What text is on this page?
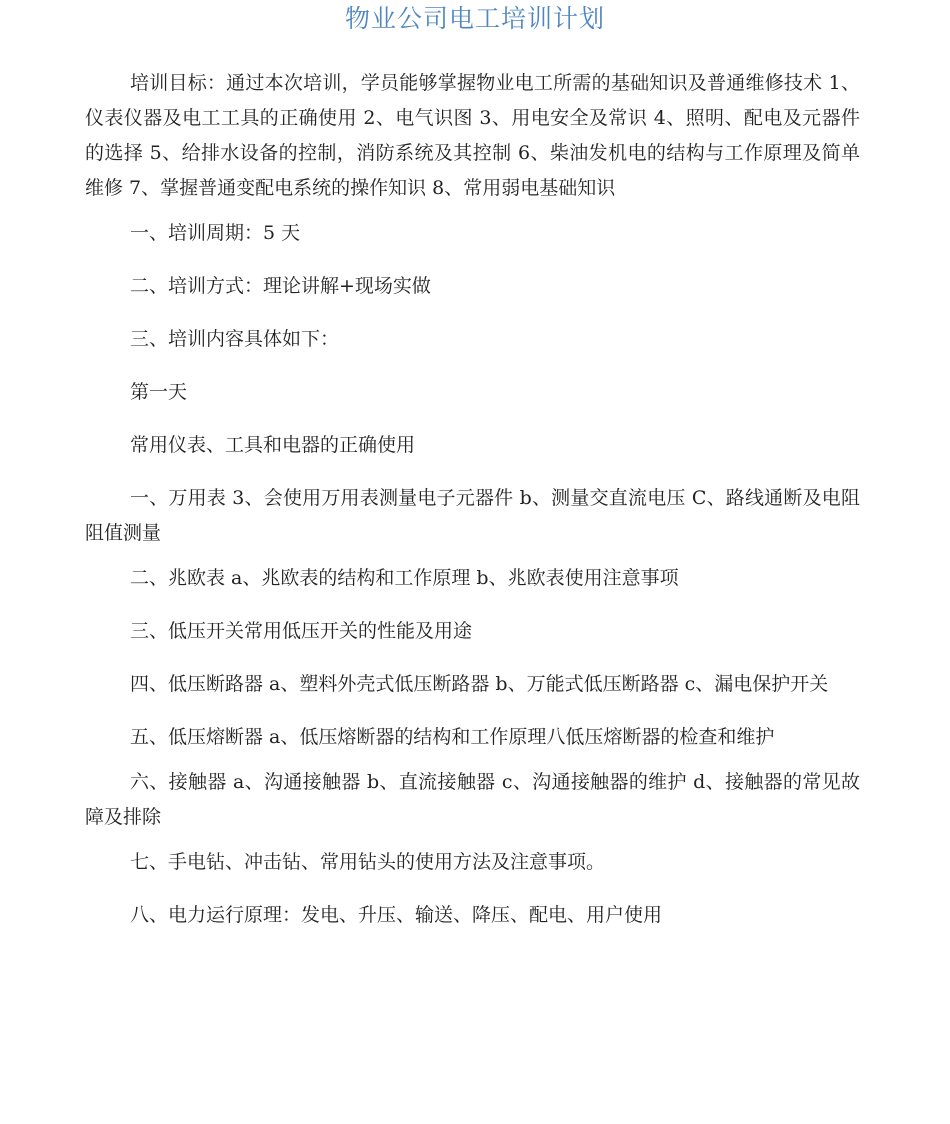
物业公司电工培训计划

培训目标：通过本次培训，学员能够掌握物业电工所需的基础知识及普通维修技术 1、仪表仪器及电工工具的正确使用 2、电气识图 3、用电安全及常识 4、照明、配电及元器件的选择 5、给排水设备的控制，消防系统及其控制 6、柴油发机电的结构与工作原理及简单维修 7、掌握普通变配电系统的操作知识 8、常用弱电基础知识

一、培训周期：5 天

二、培训方式：理论讲解+现场实做

三、培训内容具体如下：

第一天

常用仪表、工具和电器的正确使用

一、万用表 3、会使用万用表测量电子元器件 b、测量交直流电压 C、路线通断及电阻阻值测量

二、兆欧表 a、兆欧表的结构和工作原理 b、兆欧表使用注意事项

三、低压开关常用低压开关的性能及用途

四、低压断路器 a、塑料外壳式低压断路器 b、万能式低压断路器 c、漏电保护开关

五、低压熔断器 a、低压熔断器的结构和工作原理八低压熔断器的检查和维护

六、接触器 a、沟通接触器 b、直流接触器 c、沟通接触器的维护 d、接触器的常见故障及排除

七、手电钻、冲击钻、常用钻头的使用方法及注意事项。

八、电力运行原理：发电、升压、输送、降压、配电、用户使用
